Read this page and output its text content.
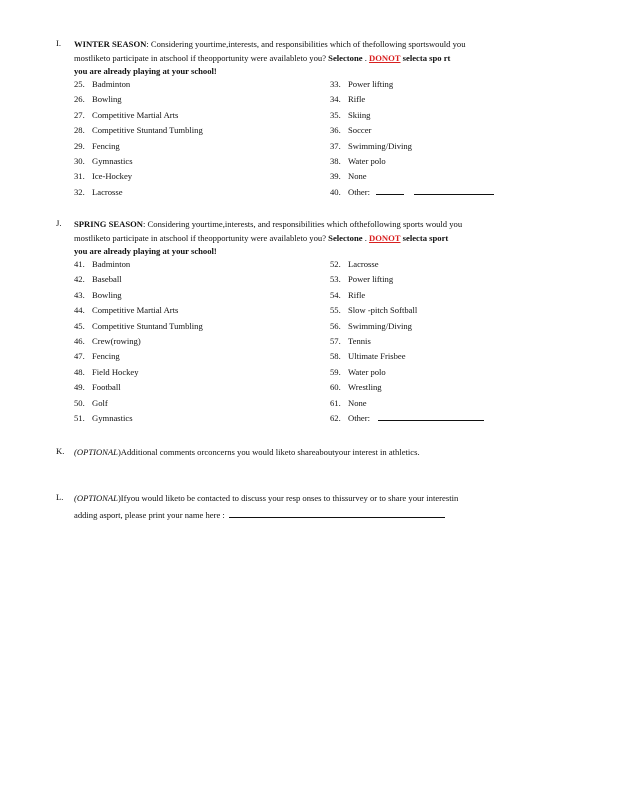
I. WINTER SEASON: Considering yourtime,interests, and responsibilities which of thefollowing sportswould you
mostliketo participate in atschool if theopportunity were availableto you? Selectone . DONOT selecta spo rt
you are already playing at your school!
25. Badminton
26. Bowling
27. Competitive Martial Arts
28. Competitive Stuntand Tumbling
29. Fencing
30. Gymnastics
31. Ice-Hockey
32. Lacrosse
33. Power lifting
34. Rifle
35. Skiing
36. Soccer
37. Swimming/Diving
38. Water polo
39. None
40. Other:
J. SPRING SEASON: Considering yourtime,interests, and responsibilities which ofthefollowing sports would you
mostliketo participate in atschool if theopportunity were availableto you? Selectone . DONOT selecta sport
you are already playing at your school!
41. Badminton
42. Baseball
43. Bowling
44. Competitive Martial Arts
45. Competitive Stuntand Tumbling
46. Crew(rowing)
47. Fencing
48. Field Hockey
49. Football
50. Golf
51. Gymnastics
52. Lacrosse
53. Power lifting
54. Rifle
55. Slow -pitch Softball
56. Swimming/Diving
57. Tennis
58. Ultimate Frisbee
59. Water polo
60. Wrestling
61. None
62. Other:
K. (OPTIONAL)Additional comments orconcerns you would liketo shareaboutyour interest in athletics.
L. (OPTIONAL)Ifyou would liketo be contacted to discuss your resp onses to thissurvey or to share your interestin
adding asport, please print your name here :
